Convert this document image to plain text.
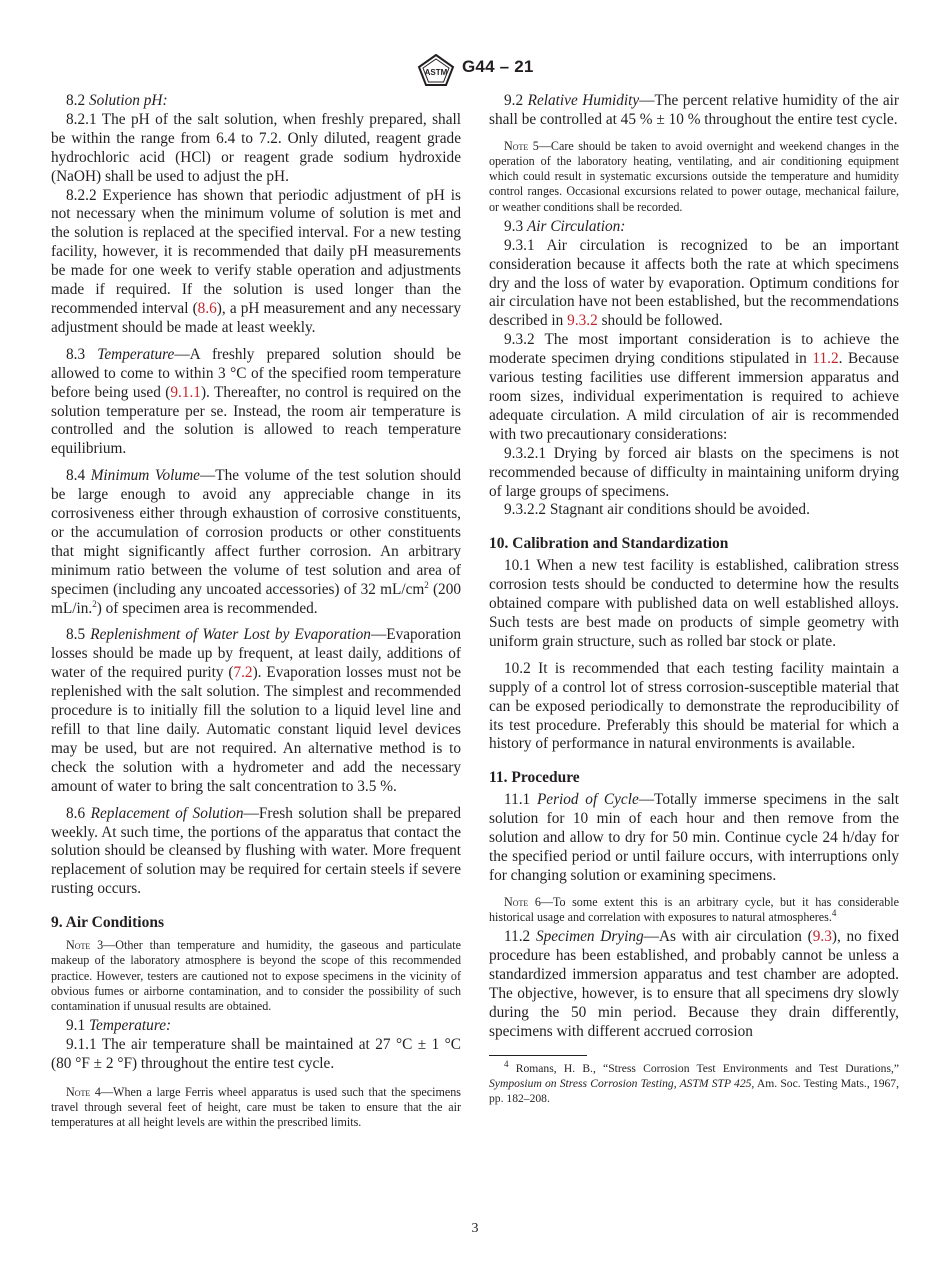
ASTM G44 – 21

8.2 Solution pH:

8.2.1 The pH of the salt solution, when freshly prepared, shall be within the range from 6.4 to 7.2. Only diluted, reagent grade hydrochloric acid (HCl) or reagent grade sodium hydroxide (NaOH) shall be used to adjust the pH.

8.2.2 Experience has shown that periodic adjustment of pH is not necessary when the minimum volume of solution is met and the solution is replaced at the specified interval. For a new testing facility, however, it is recommended that daily pH measurements be made for one week to verify stable operation and adjustments made if required. If the solution is used longer than the recommended interval (8.6), a pH measurement and any necessary adjustment should be made at least weekly.

8.3 Temperature—A freshly prepared solution should be allowed to come to within 3 °C of the specified room temperature before being used (9.1.1). Thereafter, no control is required on the solution temperature per se. Instead, the room air temperature is controlled and the solution is allowed to reach temperature equilibrium.

8.4 Minimum Volume—The volume of the test solution should be large enough to avoid any appreciable change in its corrosiveness either through exhaustion of corrosive constituents, or the accumulation of corrosion products or other constituents that might significantly affect further corrosion. An arbitrary minimum ratio between the volume of test solution and area of specimen (including any uncoated accessories) of 32 $mL/cm^2$ (200 mL/in.$^2$) of specimen area is recommended.

8.5 Replenishment of Water Lost by Evaporation—Evaporation losses should be made up by frequent, at least daily, additions of water of the required purity (7.2). Evaporation losses must not be replenished with the salt solution. The simplest and recommended procedure is to initially fill the solution to a liquid level line and refill to that line daily. Automatic constant liquid level devices may be used, but are not required. An alternative method is to check the solution with a hydrometer and add the necessary amount of water to bring the salt concentration to 3.5 %.

8.6 Replacement of Solution—Fresh solution shall be prepared weekly. At such time, the portions of the apparatus that contact the solution should be cleansed by flushing with water. More frequent replacement of solution may be required for certain steels if severe rusting occurs.

9. Air Conditions
Note 3—Other than temperature and humidity, the gaseous and particulate makeup of the laboratory atmosphere is beyond the scope of this recommended practice. However, testers are cautioned not to expose specimens in the vicinity of obvious fumes or airborne contamination, and to consider the possibility of such contamination if unusual results are obtained.

9.1 Temperature:

9.1.1 The air temperature shall be maintained at 27 °C ± 1 °C (80 °F ± 2 °F) throughout the entire test cycle.

Note 4—When a large Ferris wheel apparatus is used such that the specimens travel through several feet of height, care must be taken to ensure that the air temperatures at all height levels are within the prescribed limits.

9.2 Relative Humidity—The percent relative humidity of the air shall be controlled at 45 % ± 10 % throughout the entire test cycle.

Note 5—Care should be taken to avoid overnight and weekend changes in the operation of the laboratory heating, ventilating, and air conditioning equipment which could result in systematic excursions outside the temperature and humidity control ranges. Occasional excursions related to power outage, mechanical failure, or weather conditions shall be recorded.

9.3 Air Circulation:

9.3.1 Air circulation is recognized to be an important consideration because it affects both the rate at which specimens dry and the loss of water by evaporation. Optimum conditions for air circulation have not been established, but the recommendations described in 9.3.2 should be followed.

9.3.2 The most important consideration is to achieve the moderate specimen drying conditions stipulated in 11.2. Because various testing facilities use different immersion apparatus and room sizes, individual experimentation is required to achieve adequate circulation. A mild circulation of air is recommended with two precautionary considerations:

9.3.2.1 Drying by forced air blasts on the specimens is not recommended because of difficulty in maintaining uniform drying of large groups of specimens.

9.3.2.2 Stagnant air conditions should be avoided.

10. Calibration and Standardization

10.1 When a new test facility is established, calibration stress corrosion tests should be conducted to determine how the results obtained compare with published data on well established alloys. Such tests are best made on products of simple geometry with uniform grain structure, such as rolled bar stock or plate.

10.2 It is recommended that each testing facility maintain a supply of a control lot of stress corrosion-susceptible material that can be exposed periodically to demonstrate the reproducibility of its test procedure. Preferably this should be material for which a history of performance in natural environments is available.

11. Procedure

11.1 Period of Cycle—Totally immerse specimens in the salt solution for 10 min of each hour and then remove from the solution and allow to dry for 50 min. Continue cycle 24 h/day for the specified period or until failure occurs, with interruptions only for changing solution or examining specimens.

Note 6—To some extent this is an arbitrary cycle, but it has considerable historical usage and correlation with exposures to natural atmospheres.$^4$

11.2 Specimen Drying—As with air circulation (9.3), no fixed procedure has been established, and probably cannot be unless a standardized immersion apparatus and test chamber are adopted. The objective, however, is to ensure that all specimens dry slowly during the 50 min period. Because they drain differently, specimens with different accrued corrosion

$^4$ Romans, H. B., “Stress Corrosion Test Environments and Test Durations,” Symposium on Stress Corrosion Testing, ASTM STP 425, Am. Soc. Testing Mats., 1967, pp. 182–208.

3
